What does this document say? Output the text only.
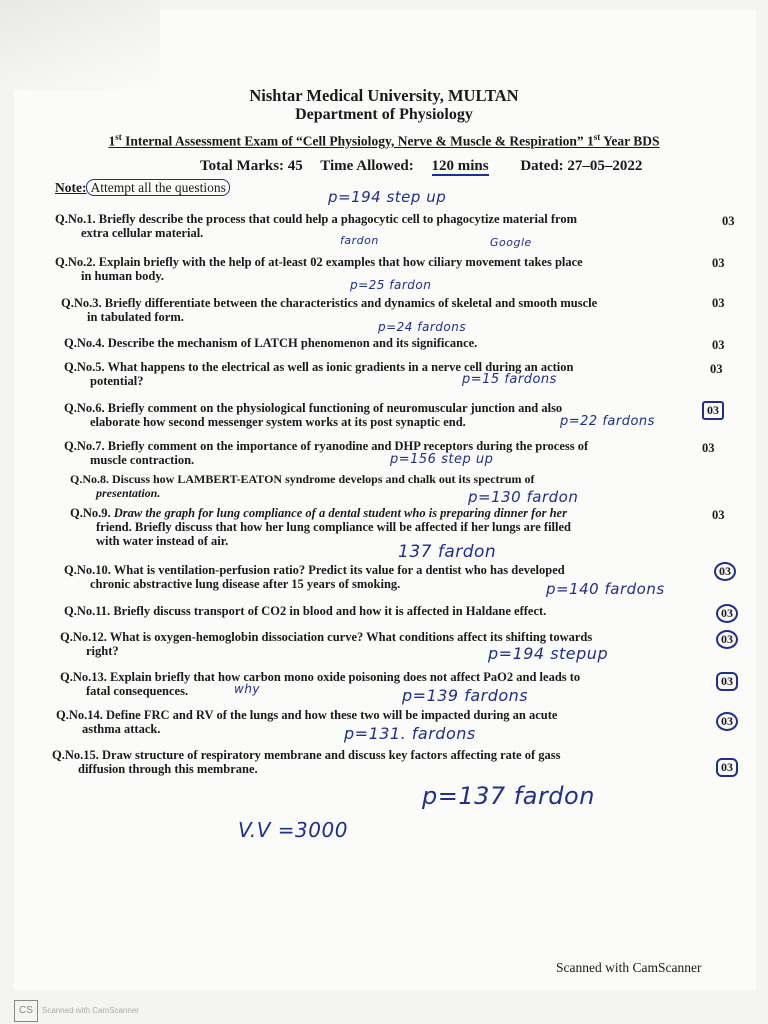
Nishtar Medical University, MULTAN
Department of Physiology
1st Internal Assessment Exam of “Cell Physiology, Nerve & Muscle & Respiration” 1st Year BDS
Total Marks: 45 Time Allowed: 120 mins Dated: 27–05–2022
Note: Attempt all the questions
Q.No.1. Briefly describe the process that could help a phagocytic cell to phagocytize material from
extra cellular material.
03
Q.No.2. Explain briefly with the help of at-least 02 examples that how ciliary movement takes place
in human body.
03
Q.No.3. Briefly differentiate between the characteristics and dynamics of skeletal and smooth muscle
in tabulated form.
03
Q.No.4. Describe the mechanism of LATCH phenomenon and its significance.	03
Q.No.5. What happens to the electrical as well as ionic gradients in a nerve cell during an action
potential?
03
Q.No.6. Briefly comment on the physiological functioning of neuromuscular junction and also
elaborate how second messenger system works at its post synaptic end.
03
Q.No.7. Briefly comment on the importance of ryanodine and DHP receptors during the process of
muscle contraction.
03
Q.No.8. Discuss how LAMBERT-EATON syndrome develops and chalk out its spectrum of
presentation.
Q.No.9. Draw the graph for lung compliance of a dental student who is preparing dinner for her
friend. Briefly discuss that how her lung compliance will be affected if her lungs are filled
with water instead of air.
03
Q.No.10. What is ventilation-perfusion ratio? Predict its value for a dentist who has developed
chronic abstractive lung disease after 15 years of smoking.
03
Q.No.11. Briefly discuss transport of CO2 in blood and how it is affected in Haldane effect.	03
Q.No.12. What is oxygen-hemoglobin dissociation curve? What conditions affect its shifting towards
right?
03
Q.No.13. Explain briefly that how carbon mono oxide poisoning does not affect PaO2 and leads to
fatal consequences.
03
Q.No.14. Define FRC and RV of the lungs and how these two will be impacted during an acute
asthma attack.
03
Q.No.15. Draw structure of respiratory membrane and discuss key factors affecting rate of gass
diffusion through this membrane.	03
p=194 step up
fardon	Google
p=25 fardon
p=24 fardons
p=15 fardons
p=22 fardons
p=156 step up
p=130 fardon
137 fardon
p=140 fardons
p=194 stepup
why	p=139 fardons
p=131. fardons
p=137 fardon
V.V =3000
Scanned with CamScanner
CS	Scanned with CamScanner
